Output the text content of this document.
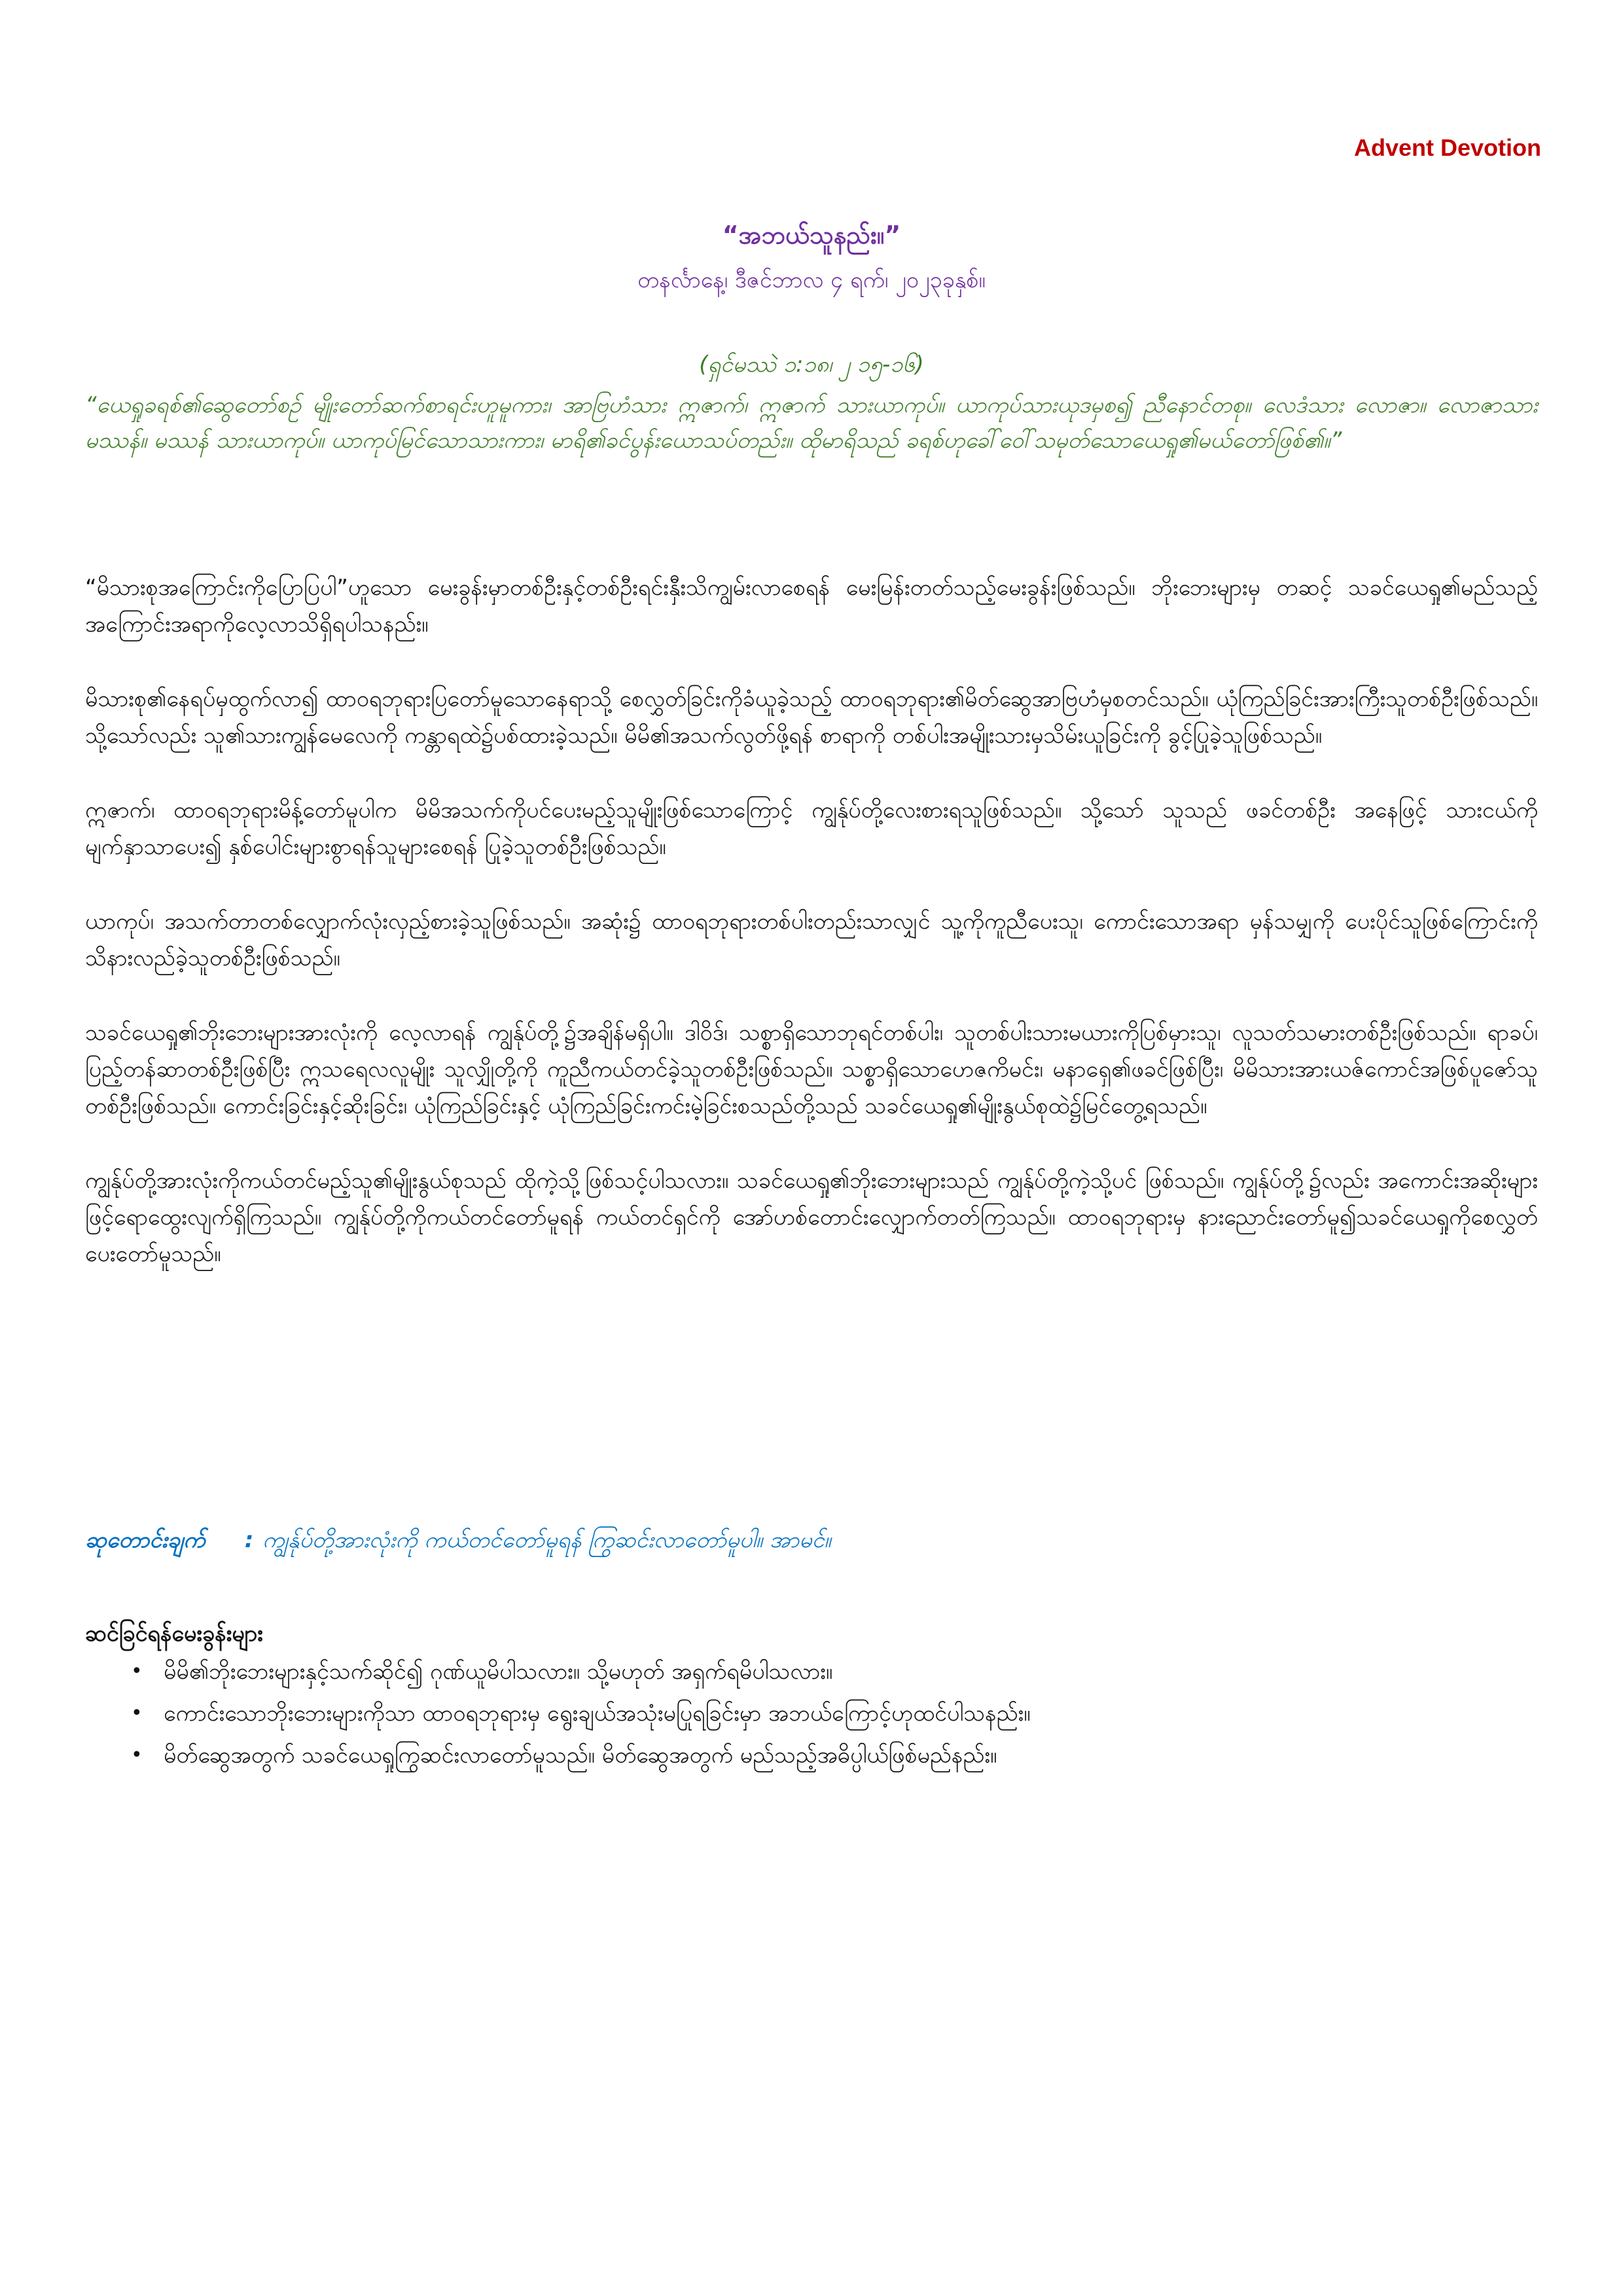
Advent Devotion

“အဘယ်သူနည်း။”

တနင်္လာနေ့၊ ဒီဇင်ဘာလ ၄ ရက်၊ ၂၀၂၃ခုနှစ်။

(ရှင်မဿဲ ၁:၁၈၊ ၂ ၁၅-၁၆)

“ယေရှုခရစ်၏ဆွေတော်စဉ် မျိုးတော်ဆက်စာရင်းဟူမူကား၊ အာဗြဟံသား ဣဇာက်၊ ဣဇာက် သားယာကုပ်။ ယာကုပ်သားယုဒမှစ၍ ညီနောင်တစု။ လေဒံသား လောဇာ။ လောဇာသား မဿန်။ မဿန် သားယာကုပ်။ ယာကုပ်မြင်သောသားကား၊ မာရိ၏ခင်ပွန်းယောသပ်တည်း။ ထိုမာရိသည် ခရစ်ဟုခေါ်ဝေါ်သမုတ်သောယေရှု၏မယ်တော်ဖြစ်၏။”

“မိသားစုအကြောင်းကိုပြောပြပါ”ဟူသော မေးခွန်းမှာတစ်ဦးနှင့်တစ်ဦးရင်းနှီးသိကျွမ်းလာစေရန် မေးမြန်းတတ်သည့်မေးခွန်းဖြစ်သည်။ ဘိုးဘေးများမှ တဆင့် သခင်ယေရှု၏မည်သည့်အကြောင်းအရာကိုလေ့လာသိရှိရပါသနည်း။

မိသားစု၏နေရပ်မှထွက်လာ၍ ထာဝရဘုရားပြတော်မူသောနေရာသို့ စေလွှတ်ခြင်းကိုခံယူခဲ့သည့် ထာဝရဘုရား၏မိတ်ဆွေအာဗြဟံမှစတင်သည်။ ယုံကြည်ခြင်းအားကြီးသူတစ်ဦးဖြစ်သည်။ သို့သော်လည်း သူ၏သားကျွန်မေလေကို ကန္တာရထဲ၌ပစ်ထားခဲ့သည်။ မိမိ၏အသက်လွတ်ဖို့ရန် စာရာကို တစ်ပါးအမျိုးသားမှသိမ်းယူခြင်းကို ခွင့်ပြုခဲ့သူဖြစ်သည်။

ဣဇာက်၊ ထာဝရဘုရားမိန့်တော်မူပါက မိမိအသက်ကိုပင်ပေးမည့်သူမျိုးဖြစ်သောကြောင့် ကျွန်ုပ်တို့လေးစားရသူဖြစ်သည်။ သို့သော် သူသည် ဖခင်တစ်ဦး အနေဖြင့် သားငယ်ကိုမျက်နှာသာပေး၍ နှစ်ပေါင်းများစွာရန်သူများစေရန် ပြုခဲ့သူတစ်ဦးဖြစ်သည်။

ယာကုပ်၊ အသက်တာတစ်လျှောက်လုံးလှည့်စားခဲ့သူဖြစ်သည်။ အဆုံး၌ ထာဝရဘုရားတစ်ပါးတည်းသာလျှင် သူ့ကိုကူညီပေးသူ၊ ကောင်းသောအရာ မှန်သမျှကို ပေးပိုင်သူဖြစ်ကြောင်းကို သိနားလည်ခဲ့သူတစ်ဦးဖြစ်သည်။

သခင်ယေရှု၏ဘိုးဘေးများအားလုံးကို လေ့လာရန် ကျွန်ုပ်တို့၌အချိန်မရှိပါ။ ဒါဝိဒ်၊ သစ္စာရှိသောဘုရင်တစ်ပါး၊ သူတစ်ပါးသားမယားကိုပြစ်မှားသူ၊ လူသတ်သမားတစ်ဦးဖြစ်သည်။ ရာခပ်၊ ပြည့်တန်ဆာတစ်ဦးဖြစ်ပြီး ဣသရေလလူမျိုး သူလျှိုတို့ကို ကူညီကယ်တင်ခဲ့သူတစ်ဦးဖြစ်သည်။ သစ္စာရှိသောဟေဇကိမင်း၊ မနာရှေ၏ဖခင်ဖြစ်ပြီး၊ မိမိသားအားယဇ်ကောင်အဖြစ်ပူဇော်သူတစ်ဦးဖြစ်သည်။ ကောင်းခြင်းနှင့်ဆိုးခြင်း၊ ယုံကြည်ခြင်းနှင့် ယုံကြည်ခြင်းကင်းမဲ့ခြင်းစသည်တို့သည် သခင်ယေရှု၏မျိုးနွယ်စုထဲ၌မြင်တွေ့ရသည်။

ကျွန်ုပ်တို့အားလုံးကိုကယ်တင်မည့်သူ၏မျိုးနွယ်စုသည် ထိုကဲ့သို့ဖြစ်သင့်ပါသလား။ သခင်ယေရှု၏ဘိုးဘေးများသည် ကျွန်ုပ်တို့ကဲ့သို့ပင် ဖြစ်သည်။ ကျွန်ုပ်တို့၌လည်း အကောင်းအဆိုးများဖြင့်ရောထွေးလျက်ရှိကြသည်။ ကျွန်ုပ်တို့ကိုကယ်တင်တော်မူရန် ကယ်တင်ရှင်ကို အော်ဟစ်တောင်းလျှောက်တတ်ကြသည်။ ထာဝရဘုရားမှ နားညောင်းတော်မူ၍သခင်ယေရှုကိုစေလွှတ်ပေးတော်မူသည်။

ဆုတောင်းချက် : ကျွန်ုပ်တို့အားလုံးကို ကယ်တင်တော်မူရန် ကြွဆင်းလာတော်မူပါ။ အာမင်။

ဆင်ခြင်ရန်မေးခွန်းများ
• မိမိ၏ဘိုးဘေးများနှင့်သက်ဆိုင်၍ ဂုဏ်ယူမိပါသလား။ သို့မဟုတ် အရှက်ရမိပါသလား။
• ကောင်းသောဘိုးဘေးများကိုသာ ထာဝရဘုရားမှ ရွေးချယ်အသုံးမပြုရခြင်းမှာ အဘယ်ကြောင့်ဟုထင်ပါသနည်း။
• မိတ်ဆွေအတွက် သခင်ယေရှုကြွဆင်းလာတော်မူသည်။ မိတ်ဆွေအတွက် မည်သည့်အဓိပ္ပါယ်ဖြစ်မည်နည်း။
